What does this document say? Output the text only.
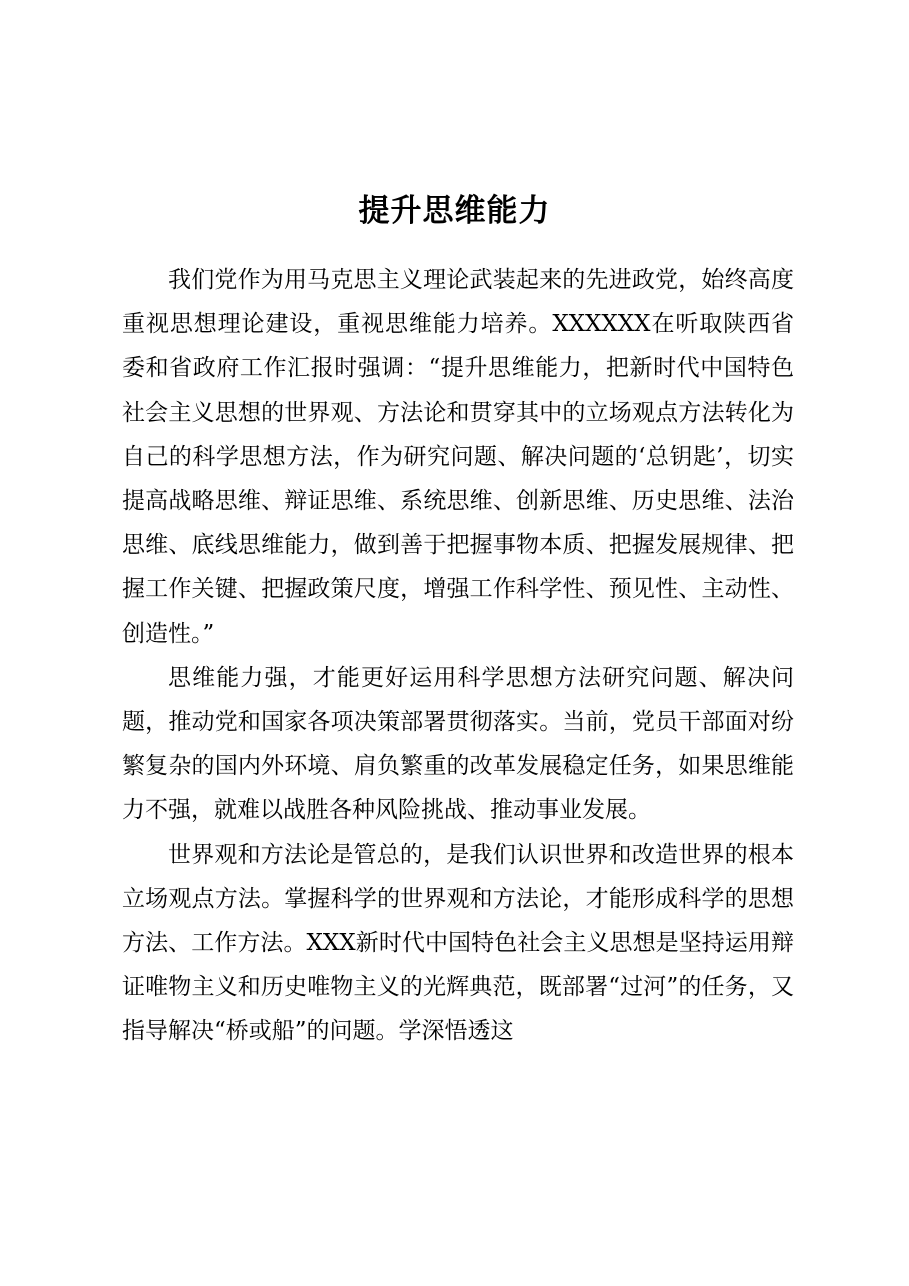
提升思维能力

我们党作为用马克思主义理论武装起来的先进政党，始终高度重视思想理论建设，重视思维能力培养。XXXXXX在听取陕西省委和省政府工作汇报时强调：“提升思维能力，把新时代中国特色社会主义思想的世界观、方法论和贯穿其中的立场观点方法转化为自己的科学思想方法，作为研究问题、解决问题的‘总钥匙’，切实提高战略思维、辩证思维、系统思维、创新思维、历史思维、法治思维、底线思维能力，做到善于把握事物本质、把握发展规律、把握工作关键、把握政策尺度，增强工作科学性、预见性、主动性、创造性。”

思维能力强，才能更好运用科学思想方法研究问题、解决问题，推动党和国家各项决策部署贯彻落实。当前，党员干部面对纷繁复杂的国内外环境、肩负繁重的改革发展稳定任务，如果思维能力不强，就难以战胜各种风险挑战、推动事业发展。

世界观和方法论是管总的，是我们认识世界和改造世界的根本立场观点方法。掌握科学的世界观和方法论，才能形成科学的思想方法、工作方法。XXX新时代中国特色社会主义思想是坚持运用辩证唯物主义和历史唯物主义的光辉典范，既部署“过河”的任务，又指导解决“桥或船”的问题。学深悟透这
